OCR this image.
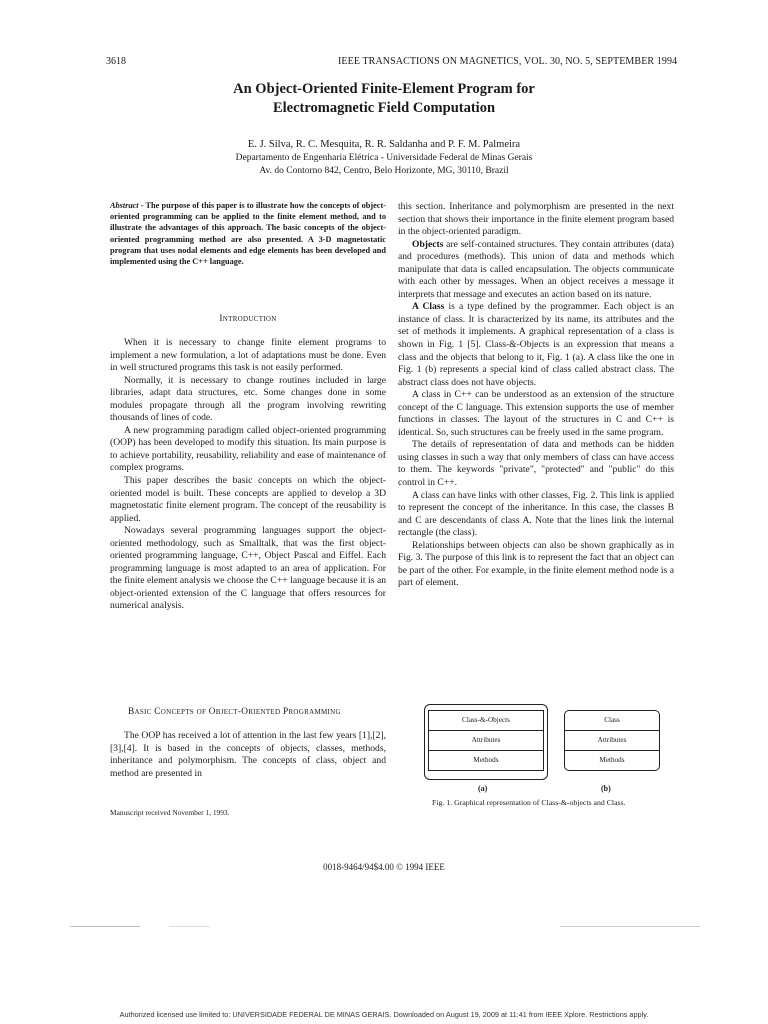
3618	IEEE TRANSACTIONS ON MAGNETICS, VOL. 30, NO. 5, SEPTEMBER 1994
An Object-Oriented Finite-Element Program for
Electromagnetic Field Computation
E. J. Silva, R. C. Mesquita, R. R. Saldanha and P. F. M. Palmeira
Departamento de Engenharia Elétrica - Universidade Federal de Minas Gerais
Av. do Contorno 842, Centro, Belo Horizonte, MG, 30110, Brazil
Abstract - The purpose of this paper is to illustrate how the concepts of object-oriented programming can be applied to the finite element method, and to illustrate the advantages of this approach. The basic concepts of the object-oriented programming method are also presented. A 3-D magnetostatic program that uses nodal elements and edge elements has been developed and implemented using the C++ language.
Introduction

When it is necessary to change finite element programs to implement a new formulation, a lot of adaptations must be done. Even in well structured programs this task is not easily performed.

Normally, it is necessary to change routines included in large libraries, adapt data structures, etc. Some changes done in some modules propagate through all the program involving rewriting thousands of lines of code.

A new programming paradigm called object-oriented programming (OOP) has been developed to modify this situation. Its main purpose is to achieve portability, reusability, reliability and ease of maintenance of complex programs.

This paper describes the basic concepts on which the object-oriented model is built. These concepts are applied to develop a 3D magnetostatic finite element program. The concept of the reusability is applied.

Nowadays several programming languages support the object-oriented methodology, such as Smalltalk, that was the first object-oriented programming language, C++, Object Pascal and Eiffel. Each programming language is most adapted to an area of application. For the finite element analysis we choose the C++ language because it is an object-oriented extension of the C language that offers resources for numerical analysis.

Basic Concepts of Object-Oriented Programming

The OOP has received a lot of attention in the last few years [1],[2],[3],[4]. It is based in the concepts of objects, classes, methods, inheritance and polymorphism. The concepts of class, object and method are presented in

Manuscript received November 1, 1993.

this section. Inheritance and polymorphism are presented in the next section that shows their importance in the finite element program based in the object-oriented paradigm.

Objects are self-contained structures. They contain attributes (data) and procedures (methods). This union of data and methods which manipulate that data is called encapsulation. The objects communicate with each other by messages. When an object receives a message it interprets that message and executes an action based on its nature.

A Class is a type defined by the programmer. Each object is an instance of class. It is characterized by its name, its attributes and the set of methods it implements. A graphical representation of a class is shown in Fig. 1 [5]. Class-&-Objects is an expression that means a class and the objects that belong to it, Fig. 1 (a). A class like the one in Fig. 1 (b) represents a special kind of class called abstract class. The abstract class does not have objects.

A class in C++ can be understood as an extension of the structure concept of the C language. This extension supports the use of member functions in classes. The layout of the structures in C and C++ is identical. So, such structures can be freely used in the same program.

The details of representation of data and methods can be hidden using classes in such a way that only members of class can have access to them. The keywords "private", "protected" and "public" do this control in C++.

A class can have links with other classes, Fig. 2. This link is applied to represent the concept of the inheritance. In this case, the classes B and C are descendants of class A. Note that the lines link the internal rectangle (the class).

Relationships between objects can also be shown graphically as in Fig. 3. The purpose of this link is to represent the fact that an object can be part of the other. For example, in the finite element method node is a part of element.

Class-&-Objects
Attributes
Methods
(a)
Class
Attributes
Methods
(b)
Fig. 1. Graphical representation of Class-&-objects and Class.
0018-9464/94$4.00 © 1994 IEEE
Authorized licensed use limited to: UNIVERSIDADE FEDERAL DE MINAS GERAIS. Downloaded on August 19, 2009 at 11:41 from IEEE Xplore. Restrictions apply.
